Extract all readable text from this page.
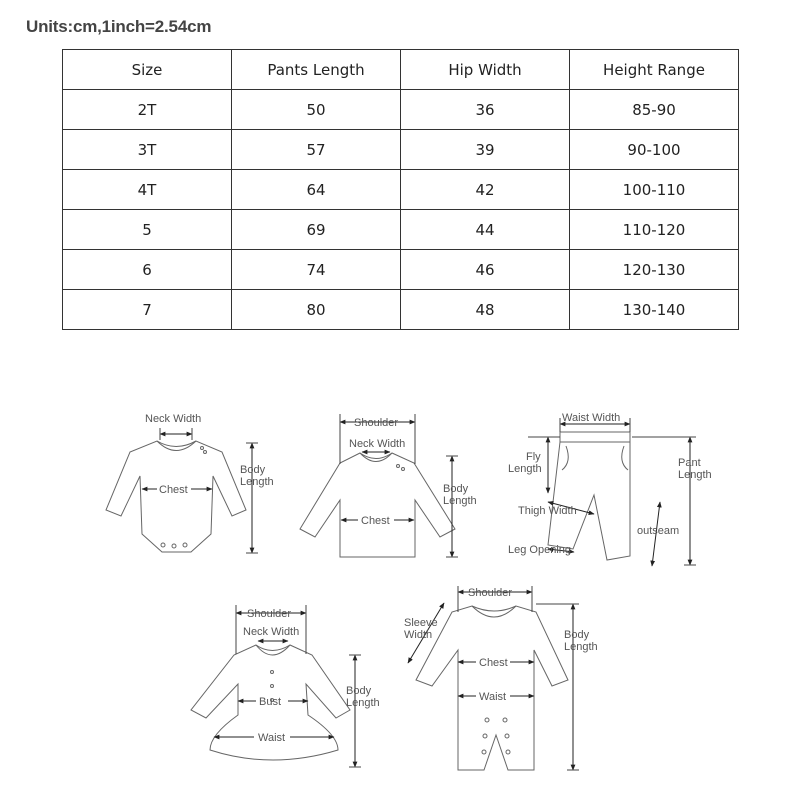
Units:cm,1inch=2.54cm
Size	Pants Length	Hip Width	Height Range
2T	50	36	85-90
3T	57	39	90-100
4T	64	42	100-110
5	69	44	110-120
6	74	46	120-130
7	80	48	130-140
Neck Width
Chest
Body
Length
Shoulder
Neck Width
Chest
Body
Length
Waist Width
Fly
Length	Pant
Length
Thigh Width
outseam
Leg Opening
Shoulder
Neck Width
Bust
Waist
Body
Length
Shoulder
Sleeve
Width
Chest
Waist
Body
Length
